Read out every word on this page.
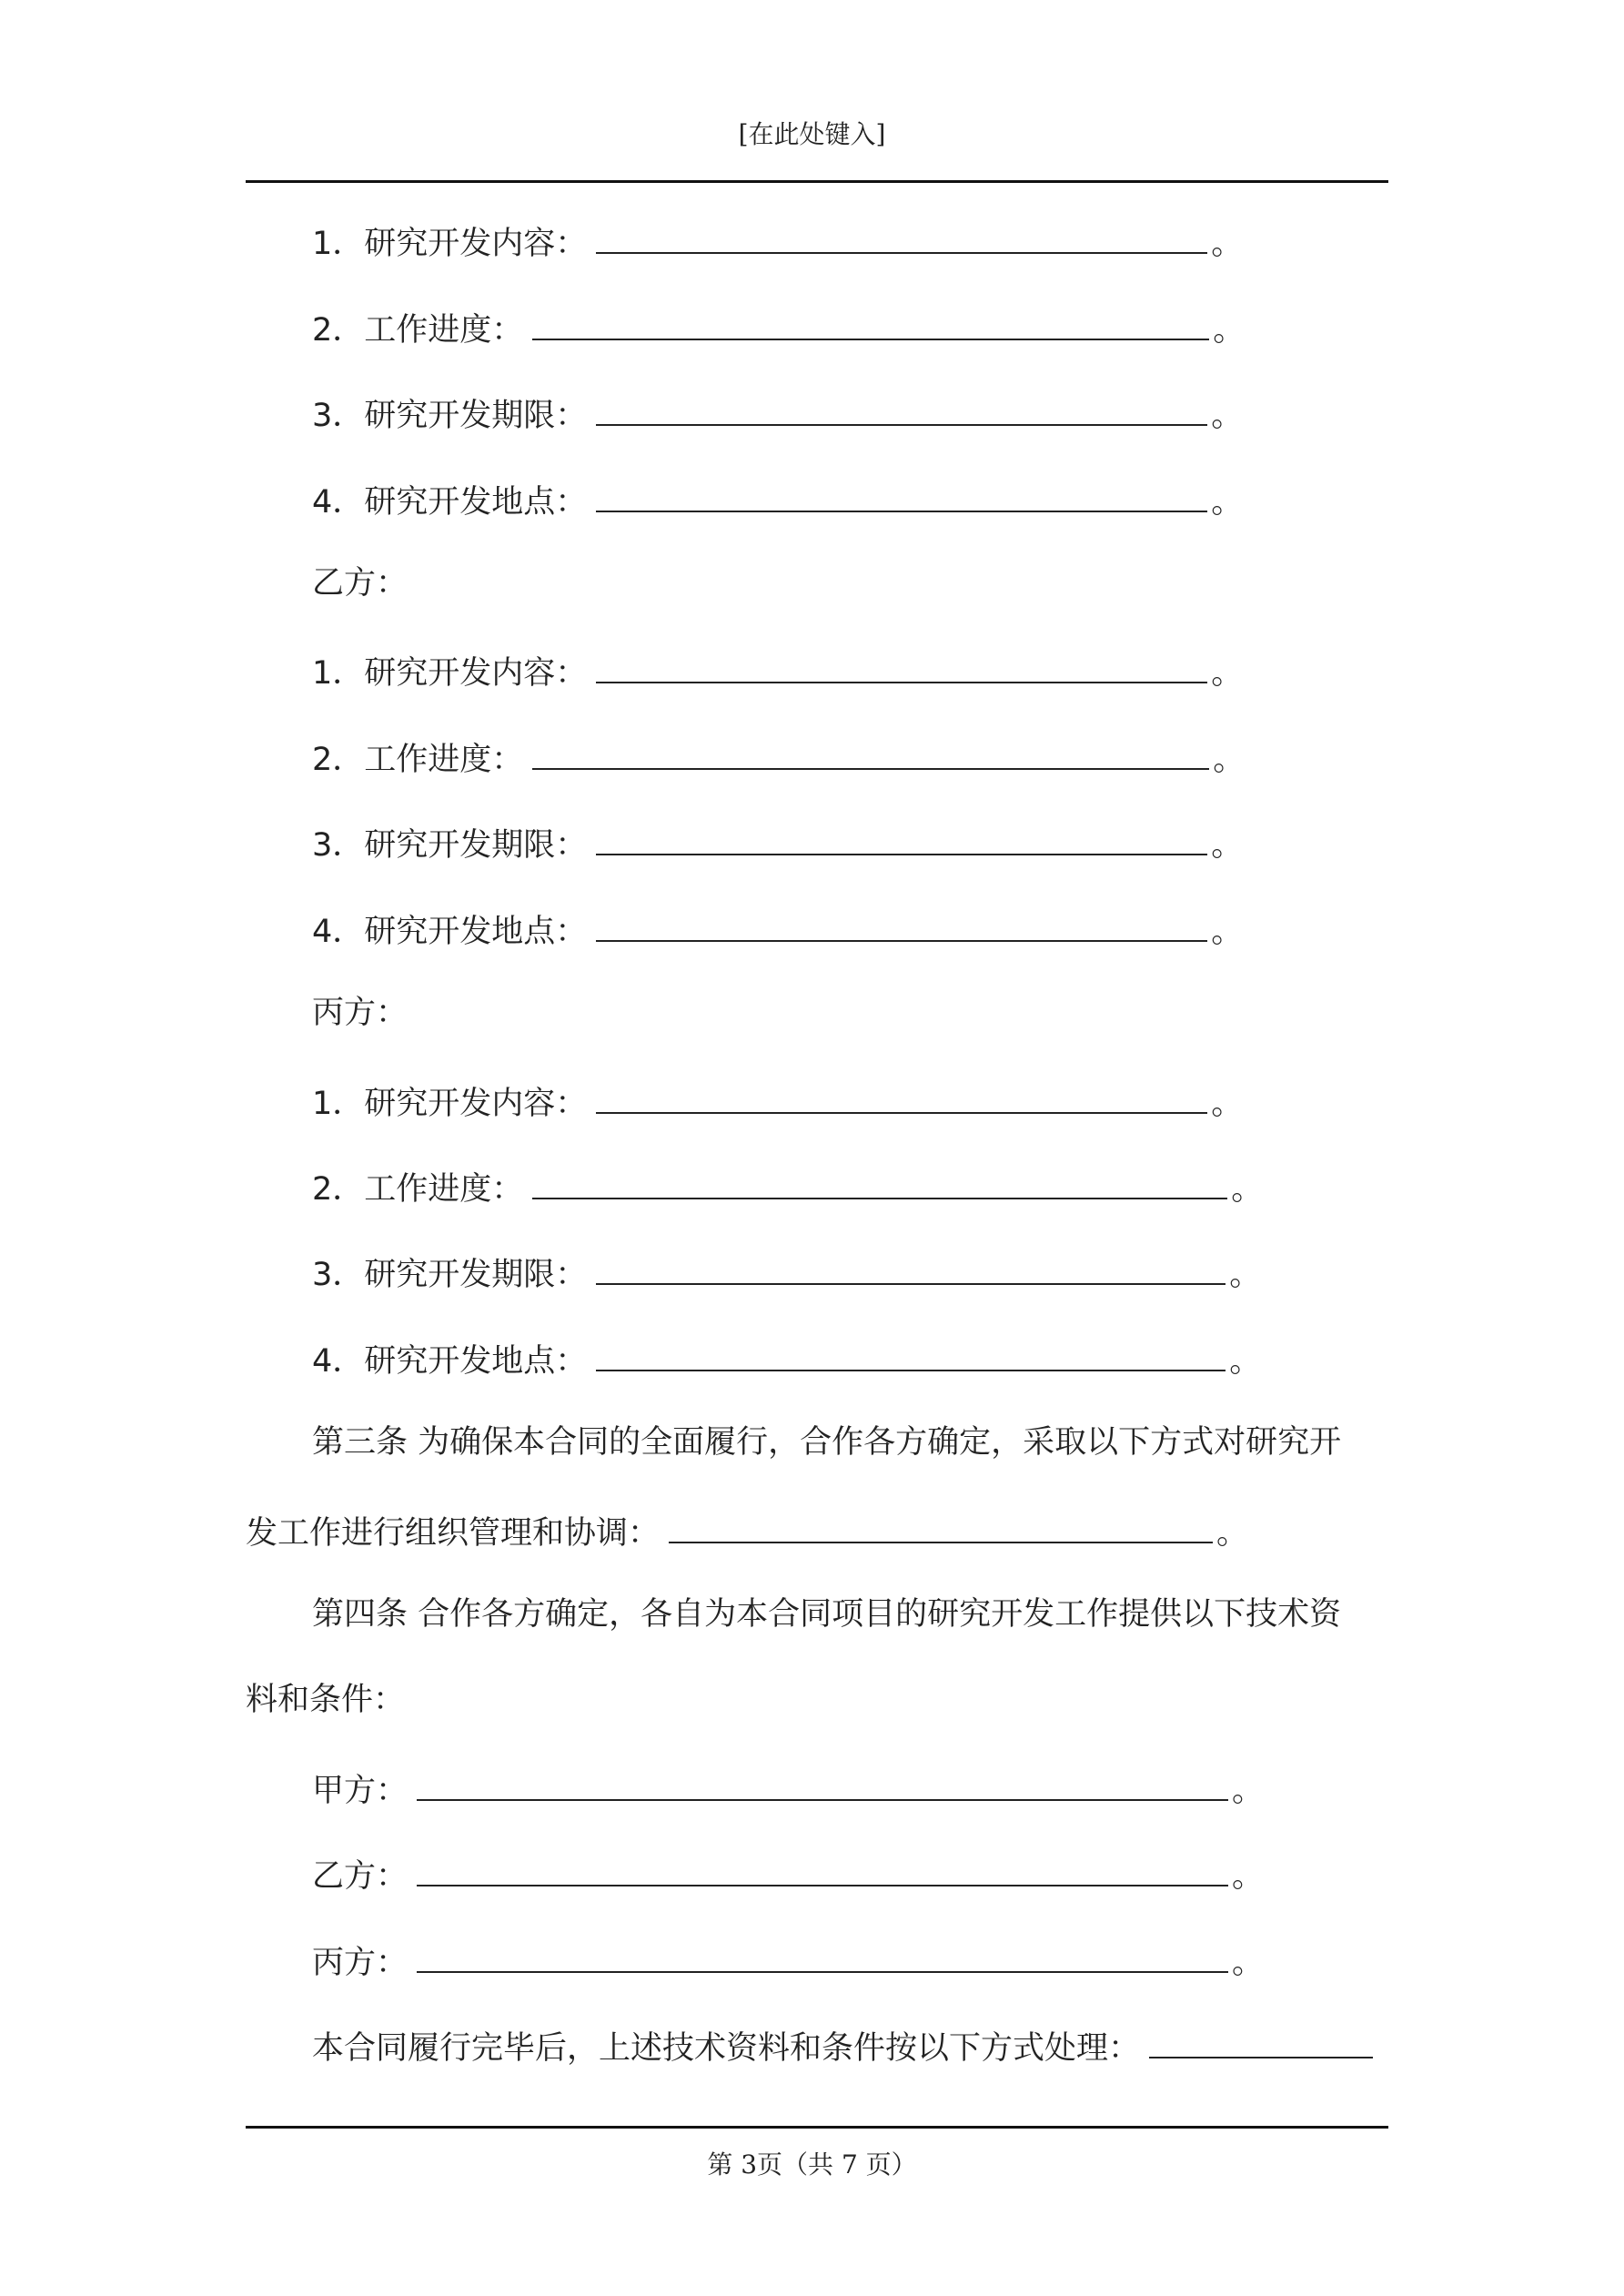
[在此处键入]
1．研究开发内容：	。
2．工作进度：	。
3．研究开发期限：	。
4．研究开发地点：	。
乙方：
1．研究开发内容：	。
2．工作进度：	。
3．研究开发期限：	。
4．研究开发地点：	。
丙方：
1．研究开发内容：	。
2．工作进度：	。
3．研究开发期限：	。
4．研究开发地点：	。
第三条 为确保本合同的全面履行，合作各方确定，采取以下方式对研究开
发工作进行组织管理和协调：	。
第四条 合作各方确定，各自为本合同项目的研究开发工作提供以下技术资
料和条件：
甲方：	。
乙方：	。
丙方：	。
本合同履行完毕后，上述技术资料和条件按以下方式处理：
第 3页（共 7 页）
